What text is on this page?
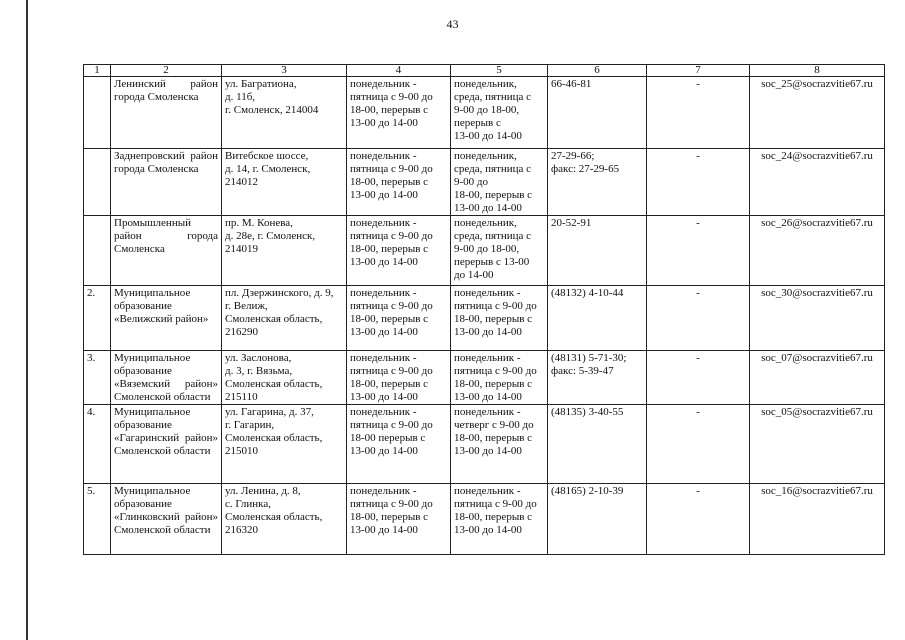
43
1	2	3	4	5	6	7	8
	Ленинский район города Смоленска	ул. Багратиона,
д. 11б,
г. Смоленск, 214004	понедельник -
пятница с 9-00 до
18-00, перерыв с
13-00 до 14-00	понедельник,
среда, пятница с
9-00 до 18-00,
перерыв с
13-00 до 14-00	66-46-81	-	soc_25@socrazvitie67.ru
	Заднепровский район города Смоленска	Витебское шоссе,
д. 14, г. Смоленск,
214012	понедельник -
пятница с 9-00 до
18-00, перерыв с
13-00 до 14-00	понедельник,
среда, пятница с
9-00 до
18-00, перерыв с
13-00 до 14-00	27-29-66;
факс: 27-29-65	-	soc_24@socrazvitie67.ru
	Промышленный район города Смоленска	пр. М. Конева,
д. 28е, г. Смоленск,
214019	понедельник -
пятница с 9-00 до
18-00, перерыв с
13-00 до 14-00	понедельник,
среда, пятница с
9-00 до 18-00,
перерыв с 13-00
до 14-00	20-52-91	-	soc_26@socrazvitie67.ru
2.	Муниципальное образование «Велижский район»	пл. Дзержинского, д. 9,
г. Велиж,
Смоленская область,
216290	понедельник -
пятница с 9-00 до
18-00, перерыв с
13-00 до 14-00	понедельник -
пятница с 9-00 до
18-00, перерыв с
13-00 до 14-00	(48132) 4-10-44	-	soc_30@socrazvitie67.ru
3.	Муниципальное образование «Вяземский район» Смоленской области	ул. Заслонова,
д. 3, г. Вязьма,
Смоленская область,
215110	понедельник -
пятница с 9-00 до
18-00, перерыв с
13-00 до 14-00	понедельник -
пятница с 9-00 до
18-00, перерыв с
13-00 до 14-00	(48131) 5-71-30;
факс: 5-39-47	-	soc_07@socrazvitie67.ru
4.	Муниципальное образование «Гагаринский район» Смоленской области	ул. Гагарина, д. 37,
г. Гагарин,
Смоленская область,
215010	понедельник -
пятница с 9-00 до
18-00 перерыв с
13-00 до 14-00	понедельник -
четверг с 9-00 до
18-00, перерыв с
13-00 до 14-00	(48135) 3-40-55	-	soc_05@socrazvitie67.ru
5.	Муниципальное образование «Глинковский район» Смоленской области	ул. Ленина, д. 8,
с. Глинка,
Смоленская область,
216320	понедельник -
пятница с 9-00 до
18-00, перерыв с
13-00 до 14-00	понедельник -
пятница с 9-00 до
18-00, перерыв с
13-00 до 14-00	(48165) 2-10-39	-	soc_16@socrazvitie67.ru
